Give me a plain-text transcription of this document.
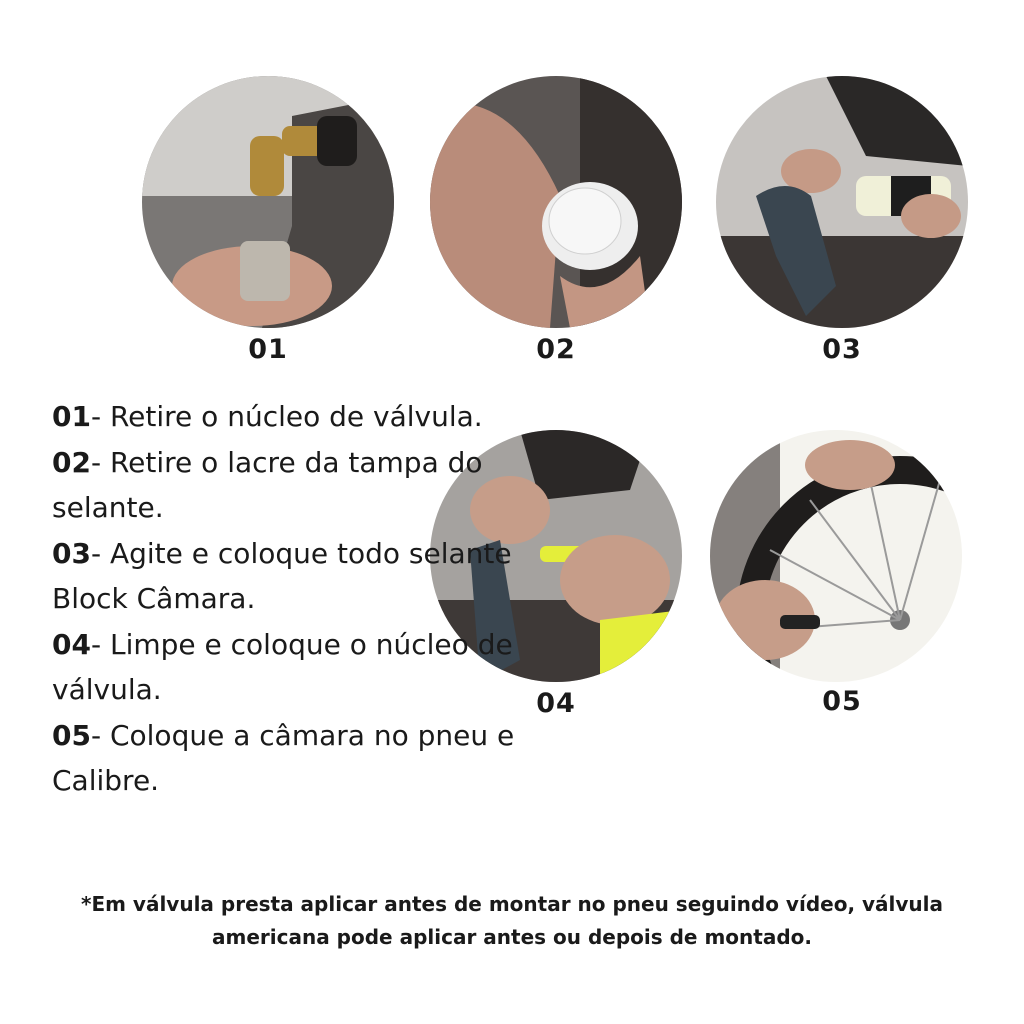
01	02	03
04	05
01- Retire o núcleo de válvula.
02- Retire o lacre da tampa do selante.
03- Agite e coloque todo selante Block Câmara.
04- Limpe e coloque o núcleo de válvula.
05- Coloque a câmara no pneu e Calibre.
*Em válvula presta aplicar antes de montar no pneu seguindo vídeo, válvula americana pode aplicar antes ou depois de montado.
